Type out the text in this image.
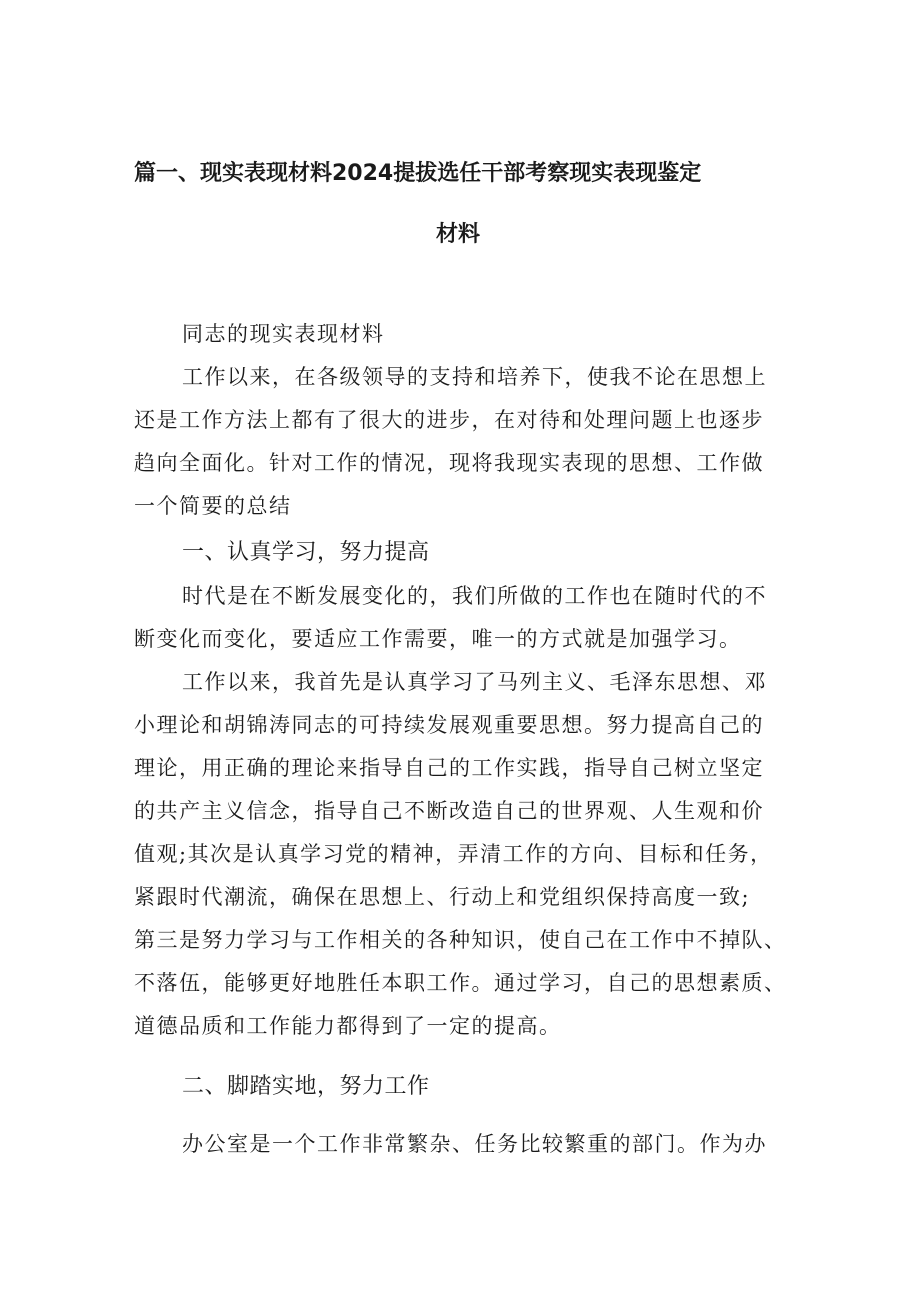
篇一、现实表现材料2024提拔选任干部考察现实表现鉴定
材料
同志的现实表现材料
工作以来，在各级领导的支持和培养下，使我不论在思想上
还是工作方法上都有了很大的进步，在对待和处理问题上也逐步
趋向全面化。针对工作的情况，现将我现实表现的思想、工作做
一个简要的总结
一、认真学习，努力提高
时代是在不断发展变化的，我们所做的工作也在随时代的不
断变化而变化，要适应工作需要，唯一的方式就是加强学习。
工作以来，我首先是认真学习了马列主义、毛泽东思想、邓
小理论和胡锦涛同志的可持续发展观重要思想。努力提高自己的
理论，用正确的理论来指导自己的工作实践，指导自己树立坚定
的共产主义信念，指导自己不断改造自己的世界观、人生观和价
值观;其次是认真学习党的精神，弄清工作的方向、目标和任务，
紧跟时代潮流，确保在思想上、行动上和党组织保持高度一致;
第三是努力学习与工作相关的各种知识，使自己在工作中不掉队、
不落伍，能够更好地胜任本职工作。通过学习，自己的思想素质、
道德品质和工作能力都得到了一定的提高。
二、脚踏实地，努力工作
办公室是一个工作非常繁杂、任务比较繁重的部门。作为办
